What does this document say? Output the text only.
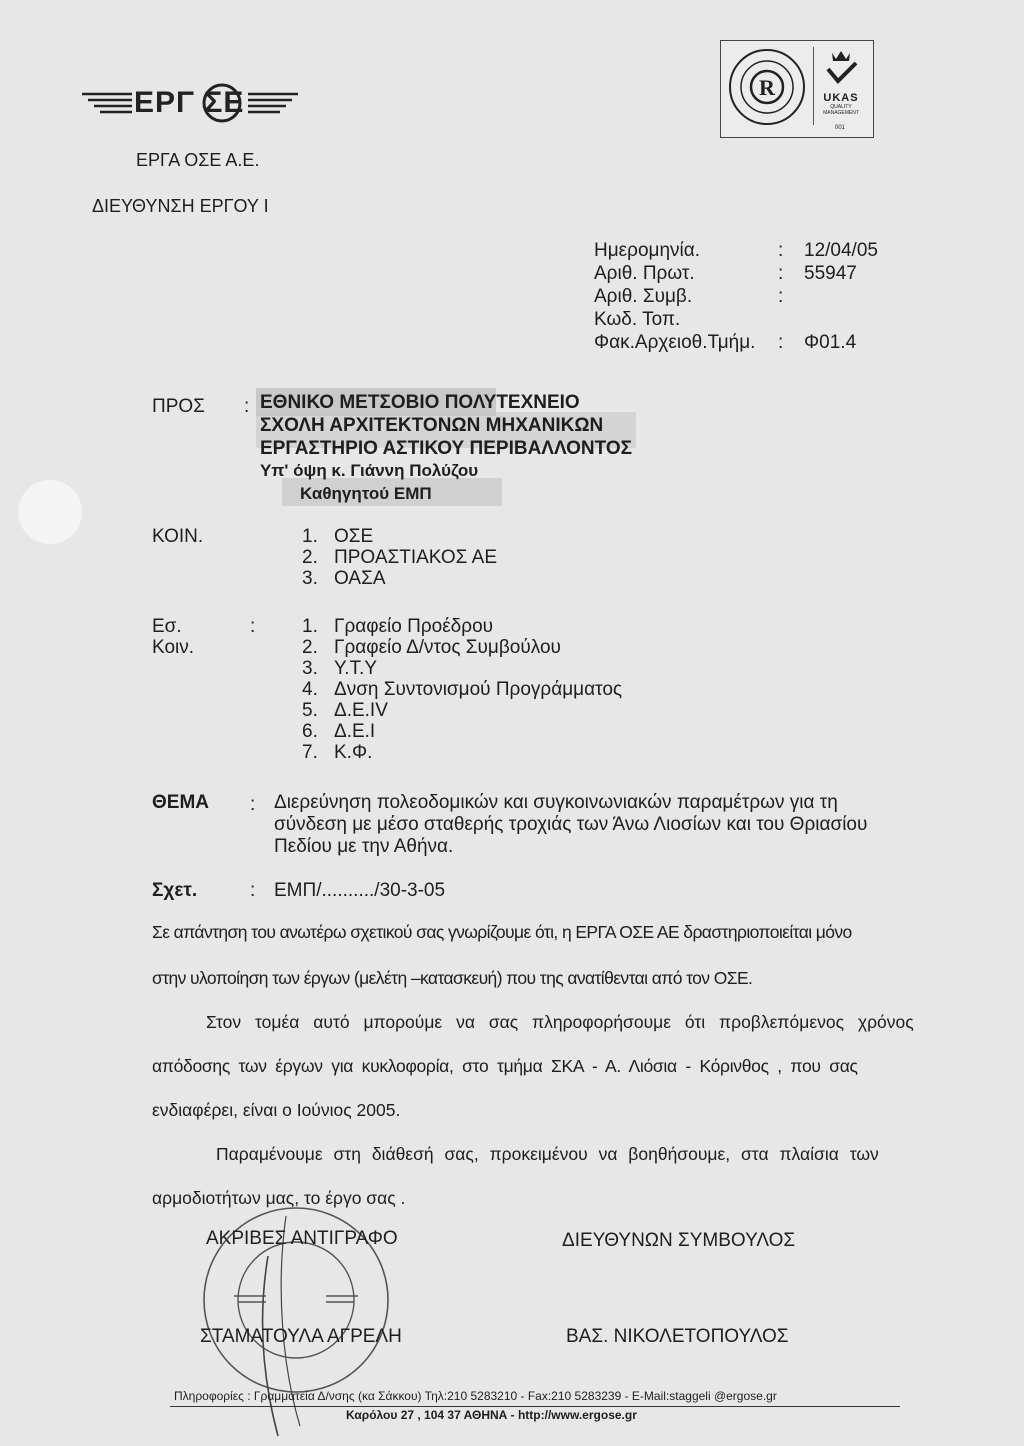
ΕΡΓ ΣΕ
ΕΡΓΑ ΟΣΕ Α.Ε.
ΔΙΕΥΘΥΝΣΗ ΕΡΓΟΥ Ι
R	UKAS
QUALITY MANAGEMENT
001
Ημερομηνία.	: 12/04/05
Αριθ. Πρωτ.	: 55947
Αριθ. Συμβ.	:
Κωδ. Τοπ.
Φακ.Αρχειοθ.Τμήμ. : Φ01.4
ΠΡΟΣ : ΕΘΝΙΚΟ ΜΕΤΣΟΒΙΟ ΠΟΛΥΤΕΧΝΕΙΟ
ΣΧΟΛΗ ΑΡΧΙΤΕΚΤΟΝΩΝ ΜΗΧΑΝΙΚΩΝ
ΕΡΓΑΣΤΗΡΙΟ ΑΣΤΙΚΟΥ ΠΕΡΙΒΑΛΛΟΝΤΟΣ
Υπ' όψη κ. Γιάννη Πολύζου
Καθηγητού ΕΜΠ
ΚΟΙΝ.	1. ΟΣΕ
2. ΠΡΟΑΣΤΙΑΚΟΣ ΑΕ
3. ΟΑΣΑ
Εσ.
Κοιν.
: 1. Γραφείο Προέδρου
2. Γραφείο Δ/ντος Συμβούλου
3. Υ.Τ.Υ
4. Δνση Συντονισμού Προγράμματος
5. Δ.Ε.ΙV
6. Δ.Ε.Ι
7. Κ.Φ.
ΘΕΜΑ : Διερεύνηση πολεοδομικών και συγκοινωνιακών παραμέτρων για τη
σύνδεση με μέσο σταθερής τροχιάς των Άνω Λιοσίων και του Θριασίου
Πεδίου με την Αθήνα.
Σχετ.	: ΕΜΠ/........../30-3-05
Σε απάντηση του ανωτέρω σχετικού σας γνωρίζουμε ότι, η ΕΡΓΑ ΟΣΕ ΑΕ δραστηριοποιείται μόνο
στην υλοποίηση των έργων (μελέτη –κατασκευή) που της ανατίθενται από τον ΟΣΕ.
Στον τομέα αυτό μπορούμε να σας πληροφορήσουμε ότι προβλεπόμενος χρόνος
απόδοσης των έργων για κυκλοφορία, στο τμήμα ΣΚΑ - Α. Λιόσια - Κόρινθος , που σας
ενδιαφέρει, είναι ο Ιούνιος 2005.
Παραμένουμε στη διάθεσή σας, προκειμένου να βοηθήσουμε, στα πλαίσια των
αρμοδιοτήτων μας, το έργο σας .
ΑΚΡΙΒΕΣ ΑΝΤΙΓΡΑΦΟ
ΣΤΑΜΑΤΟΥΛΑ ΑΓΡΕΛΗ
ΔΙΕΥΘΥΝΩΝ ΣΥΜΒΟΥΛΟΣ
ΒΑΣ. ΝΙΚΟΛΕΤΟΠΟΥΛΟΣ
Πληροφορίες : Γραμματεία Δ/νσης (κα Σάκκου) Τηλ:210 5283210 - Fax:210 5283239 - E-Mail:staggeli @ergose.gr
Καρόλου 27 , 104 37 ΑΘΗΝΑ - http://www.ergose.gr
